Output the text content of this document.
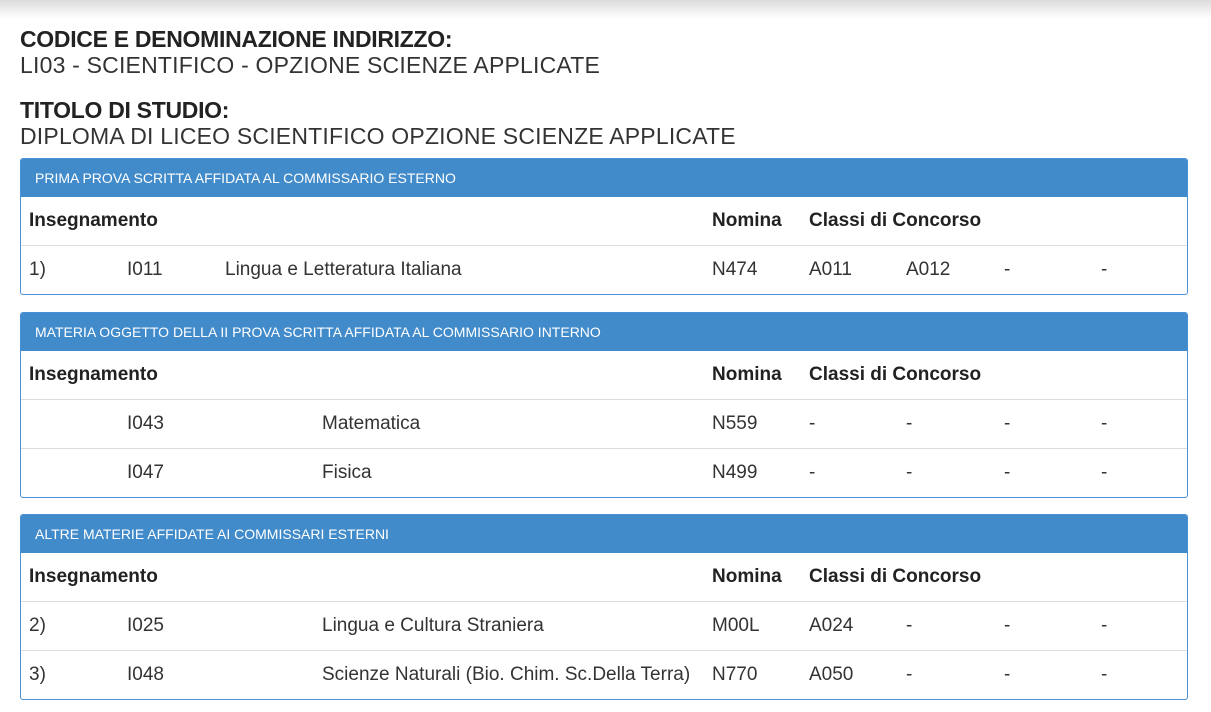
CODICE E DENOMINAZIONE INDIRIZZO:
LI03 - SCIENTIFICO - OPZIONE SCIENZE APPLICATE
TITOLO DI STUDIO:
DIPLOMA DI LICEO SCIENTIFICO OPZIONE SCIENZE APPLICATE
PRIMA PROVA SCRITTA AFFIDATA AL COMMISSARIO ESTERNO
Insegnamento	Nomina Classi di Concorso
1)	I011	Lingua e Letteratura Italiana	N474	A011	A012	-	-
MATERIA OGGETTO DELLA II PROVA SCRITTA AFFIDATA AL COMMISSARIO INTERNO
Insegnamento	Nomina Classi di Concorso
I043	Matematica	N559	-	-	-	-
I047	Fisica	N499	-	-	-	-
ALTRE MATERIE AFFIDATE AI COMMISSARI ESTERNI
Insegnamento	Nomina Classi di Concorso
2)	I025	Lingua e Cultura Straniera	M00L	A024	-	-	-
3)	I048	Scienze Naturali (Bio. Chim. Sc.Della Terra) N770	A050	-	-	-
